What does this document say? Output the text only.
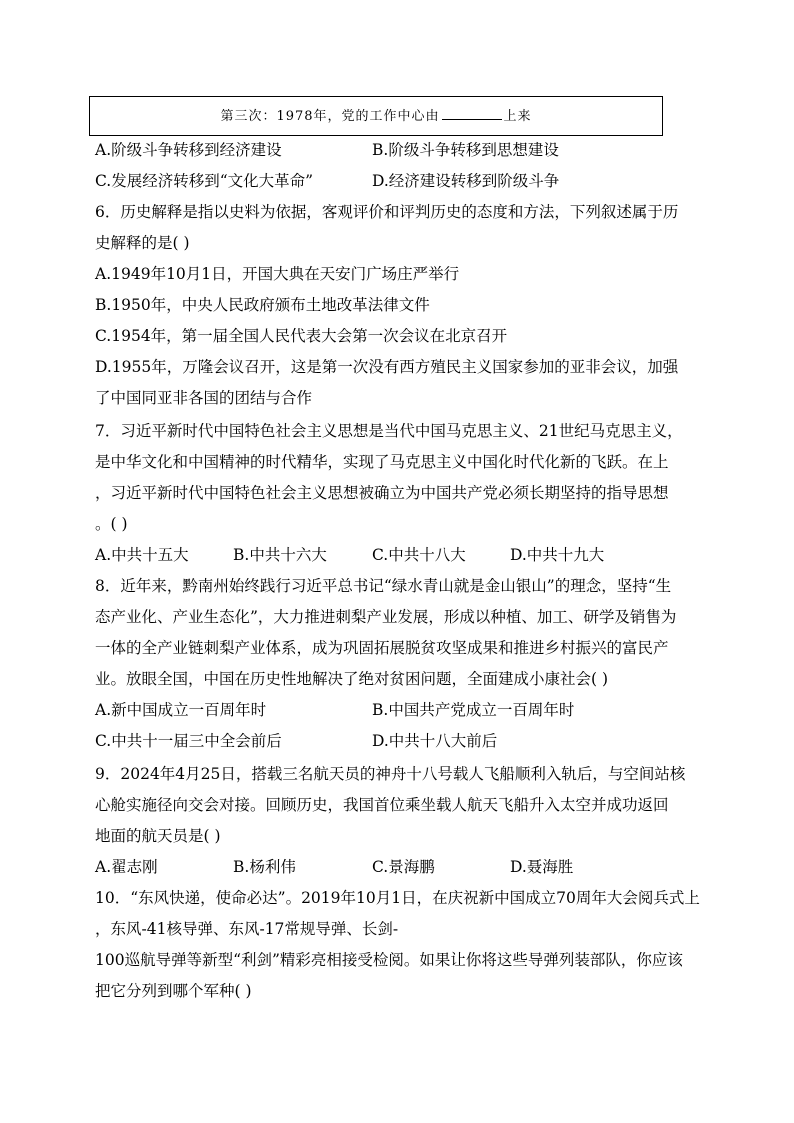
第三次：1978年，党的工作中心由	上来
A.阶级斗争转移到经济建设	B.阶级斗争转移到思想建设
C.发展经济转移到“文化大革命”	D.经济建设转移到阶级斗争
6．历史解释是指以史料为依据，客观评价和评判历史的态度和方法，下列叙述属于历
史解释的是( )
A.1949年10月1日，开国大典在天安门广场庄严举行
B.1950年，中央人民政府颁布土地改革法律文件
C.1954年，第一届全国人民代表大会第一次会议在北京召开
D.1955年，万隆会议召开，这是第一次没有西方殖民主义国家参加的亚非会议，加强
了中国同亚非各国的团结与合作
7．习近平新时代中国特色社会主义思想是当代中国马克思主义、21世纪马克思主义，
是中华文化和中国精神的时代精华，实现了马克思主义中国化时代化新的飞跃。在上
，习近平新时代中国特色社会主义思想被确立为中国共产党必须长期坚持的指导思想
。( )
A.中共十五大	B.中共十六大	C.中共十八大	D.中共十九大
8．近年来，黔南州始终践行习近平总书记“绿水青山就是金山银山”的理念，坚持“生
态产业化、产业生态化”，大力推进刺梨产业发展，形成以种植、加工、研学及销售为
一体的全产业链刺梨产业体系，成为巩固拓展脱贫攻坚成果和推进乡村振兴的富民产
业。放眼全国，中国在历史性地解决了绝对贫困问题，全面建成小康社会( )
A.新中国成立一百周年时	B.中国共产党成立一百周年时
C.中共十一届三中全会前后	D.中共十八大前后
9．2024年4月25日，搭载三名航天员的神舟十八号载人飞船顺利入轨后，与空间站核
心舱实施径向交会对接。回顾历史，我国首位乘坐载人航天飞船升入太空并成功返回
地面的航天员是( )
A.翟志刚	B.杨利伟	C.景海鹏	D.聂海胜
10．“东风快递，使命必达”。2019年10月1日，在庆祝新中国成立70周年大会阅兵式上
，东风-41核导弹、东风-17常规导弹、长剑-
100巡航导弹等新型“利剑”精彩亮相接受检阅。如果让你将这些导弹列装部队，你应该
把它分列到哪个军种( )
